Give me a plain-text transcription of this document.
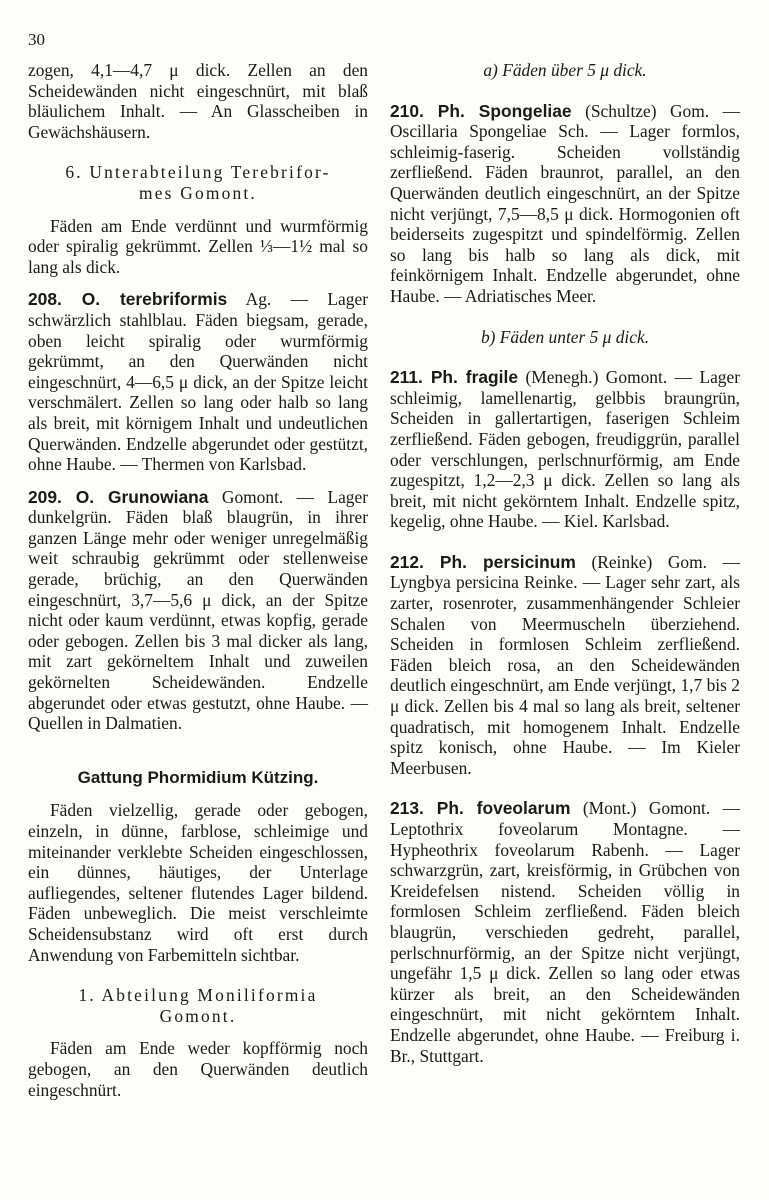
30

zogen, 4,1—4,7 μ dick. Zellen an den Scheidewänden nicht eingeschnürt, mit blaß bläulichem Inhalt. — An Glasscheiben in Gewächshäusern.

6. Unterabteilung Terebrifor-

mes Gomont.

Fäden am Ende verdünnt und wurmförmig oder spiralig gekrümmt. Zellen ⅓—1½ mal so lang als dick.

208. O. terebriformis Ag. — Lager schwärzlich stahlblau. Fäden biegsam, gerade, oben leicht spiralig oder wurmförmig gekrümmt, an den Querwänden nicht eingeschnürt, 4—6,5 μ dick, an der Spitze leicht verschmälert. Zellen so lang oder halb so lang als breit, mit körnigem Inhalt und undeutlichen Querwänden. Endzelle abgerundet oder gestützt, ohne Haube. — Thermen von Karlsbad.

209. O. Grunowiana Gomont. — Lager dunkelgrün. Fäden blaß blaugrün, in ihrer ganzen Länge mehr oder weniger unregelmäßig weit schraubig gekrümmt oder stellenweise gerade, brüchig, an den Querwänden eingeschnürt, 3,7—5,6 μ dick, an der Spitze nicht oder kaum verdünnt, etwas kopfig, gerade oder gebogen. Zellen bis 3 mal dicker als lang, mit zart gekörneltem Inhalt und zuweilen gekörnelten Scheidewänden. Endzelle abgerundet oder etwas gestutzt, ohne Haube. — Quellen in Dalmatien.

Gattung Phormidium Kützing.

Fäden vielzellig, gerade oder gebogen, einzeln, in dünne, farblose, schleimige und miteinander verklebte Scheiden eingeschlossen, ein dünnes, häutiges, der Unterlage aufliegendes, seltener flutendes Lager bildend. Fäden unbeweglich. Die meist verschleimte Scheidensubstanz wird oft erst durch Anwendung von Farbemitteln sichtbar.

1. Abteilung Moniliformia

Gomont.

Fäden am Ende weder kopfförmig noch gebogen, an den Querwänden deutlich eingeschnürt.

a) Fäden über 5 μ dick.

210. Ph. Spongeliae (Schultze) Gom. — Oscillaria Spongeliae Sch. — Lager formlos, schleimig-faserig. Scheiden vollständig zerfließend. Fäden braunrot, parallel, an den Querwänden deutlich eingeschnürt, an der Spitze nicht verjüngt, 7,5—8,5 μ dick. Hormogonien oft beiderseits zugespitzt und spindelförmig. Zellen so lang bis halb so lang als dick, mit feinkörnigem Inhalt. Endzelle abgerundet, ohne Haube. — Adriatisches Meer.

b) Fäden unter 5 μ dick.

211. Ph. fragile (Menegh.) Gomont. — Lager schleimig, lamellenartig, gelbbis braungrün, Scheiden in gallertartigen, faserigen Schleim zerfließend. Fäden gebogen, freudiggrün, parallel oder verschlungen, perlschnurförmig, am Ende zugespitzt, 1,2—2,3 μ dick. Zellen so lang als breit, mit nicht gekörntem Inhalt. Endzelle spitz, kegelig, ohne Haube. — Kiel. Karlsbad.

212. Ph. persicinum (Reinke) Gom. — Lyngbya persicina Reinke. — Lager sehr zart, als zarter, rosenroter, zusammenhängender Schleier Schalen von Meermuscheln überziehend. Scheiden in formlosen Schleim zerfließend. Fäden bleich rosa, an den Scheidewänden deutlich eingeschnürt, am Ende verjüngt, 1,7 bis 2 μ dick. Zellen bis 4 mal so lang als breit, seltener quadratisch, mit homogenem Inhalt. Endzelle spitz konisch, ohne Haube. — Im Kieler Meerbusen.

213. Ph. foveolarum (Mont.) Gomont. — Leptothrix foveolarum Montagne. — Hypheothrix foveolarum Rabenh. — Lager schwarzgrün, zart, kreisförmig, in Grübchen von Kreidefelsen nistend. Scheiden völlig in formlosen Schleim zerfließend. Fäden bleich blaugrün, verschieden gedreht, parallel, perlschnurförmig, an der Spitze nicht verjüngt, ungefähr 1,5 μ dick. Zellen so lang oder etwas kürzer als breit, an den Scheidewänden eingeschnürt, mit nicht gekörntem Inhalt. Endzelle abgerundet, ohne Haube. — Freiburg i. Br., Stuttgart.
